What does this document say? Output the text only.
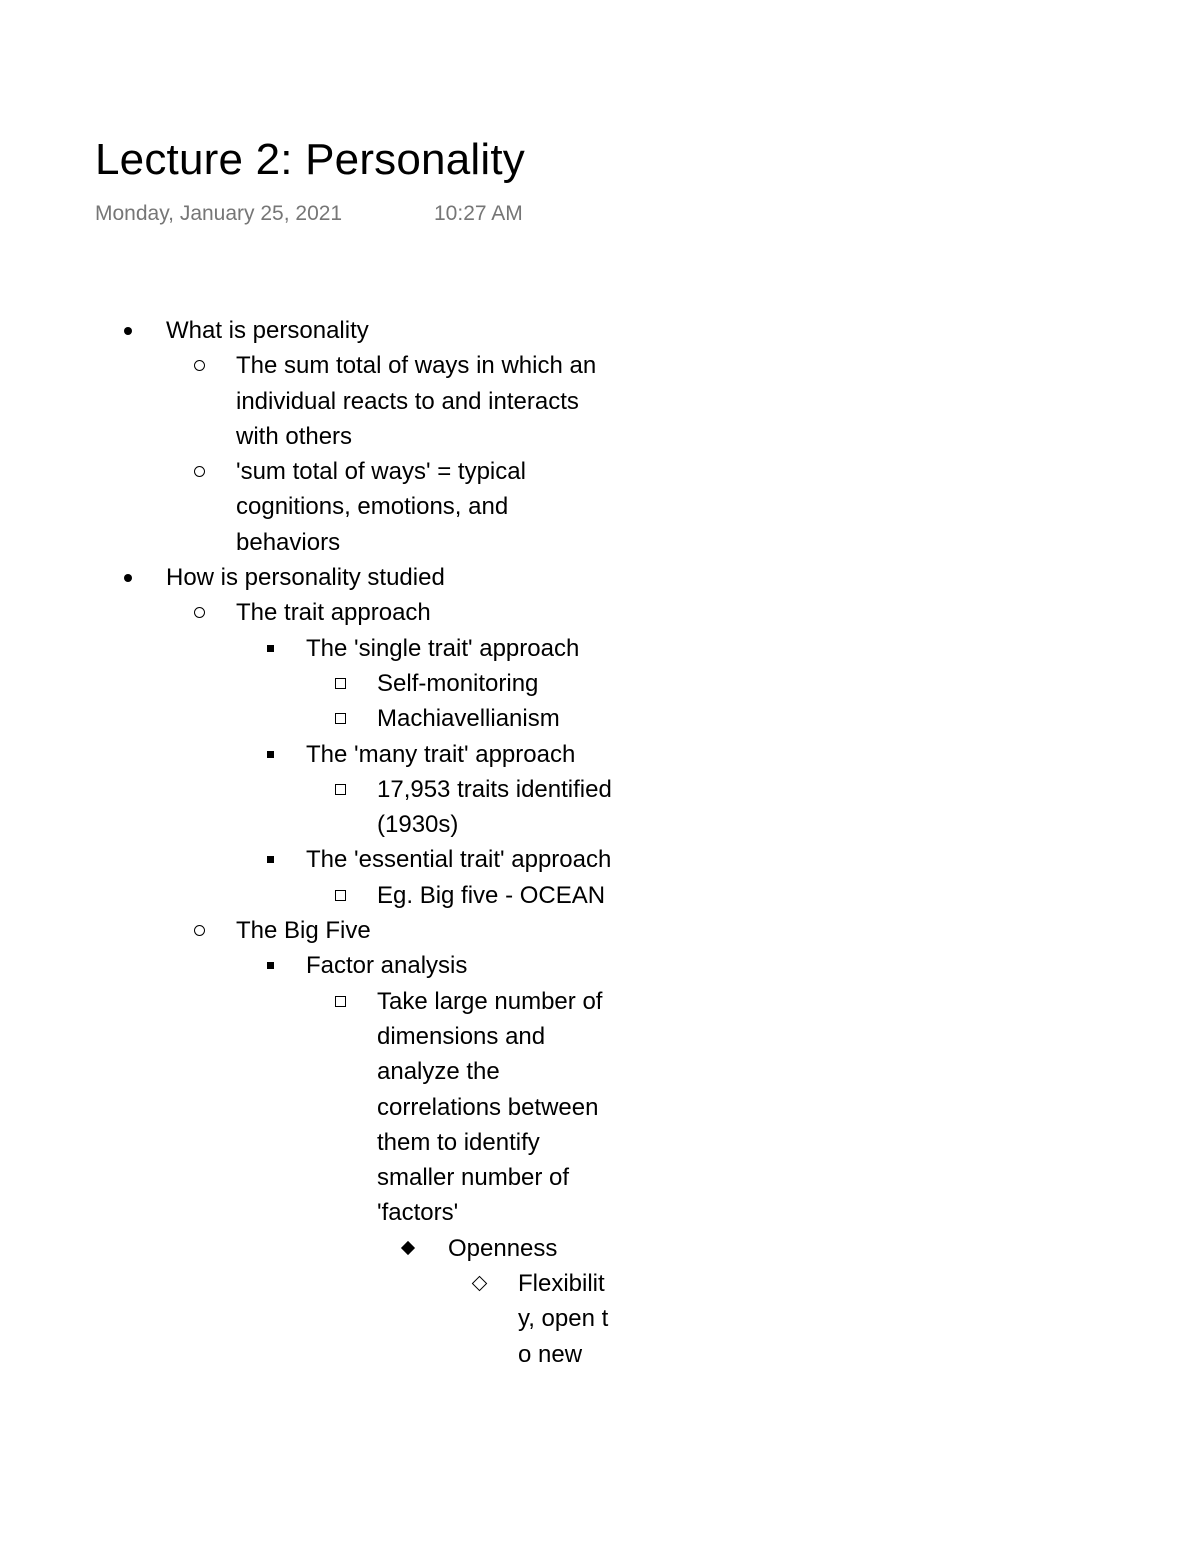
Lecture 2: Personality
Monday, January 25, 2021	10:27 AM
What is personality
The sum total of ways in which an individual reacts to and interacts with others
'sum total of ways' = typical cognitions, emotions, and behaviors
How is personality studied
The trait approach
The 'single trait' approach
Self-monitoring
Machiavellianism
The 'many trait' approach
17,953 traits identified (1930s)
The 'essential trait' approach
Eg. Big five - OCEAN
The Big Five
Factor analysis
Take large number of dimensions and analyze the correlations between them to identify smaller number of 'factors'
Openness
Flexibility, open to new
